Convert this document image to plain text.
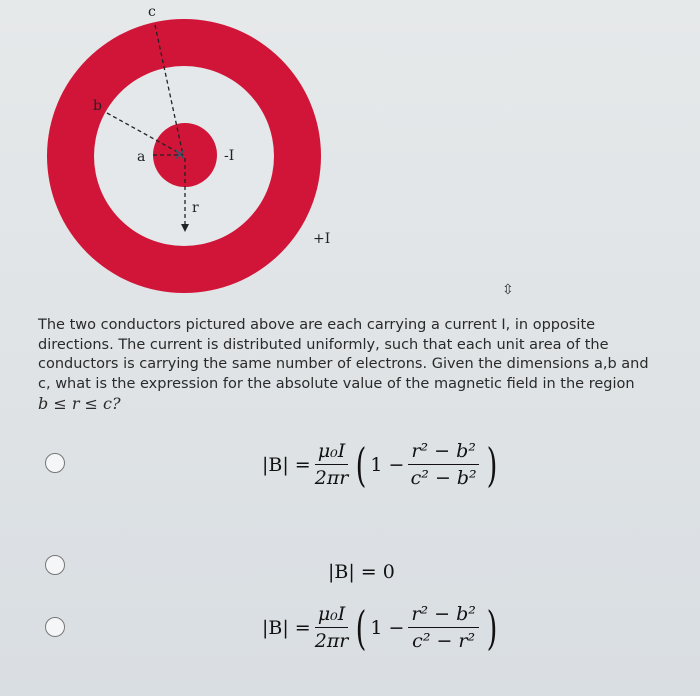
✕
c
b
a
r
-I
+I
⇳
The two conductors pictured above are each carrying a current I, in opposite directions. The current is distributed uniformly, such that each unit area of the conductors is carrying the same number of electrons. Given the dimensions a,b and c, what is the expression for the absolute value of the magnetic field in the region
b ≤ r ≤ c?
$|B| = \frac{\text{μ₀I}}{2\pi r}$ ( $1 - \frac{\text{r² − b²}}{\text{c² − b²}}$ )
|B| = 0
$|B| = \frac{\text{μ₀I}}{2\pi r}$ ( $1 - \frac{\text{r² − b²}}{\text{c² − r²}}$ )
